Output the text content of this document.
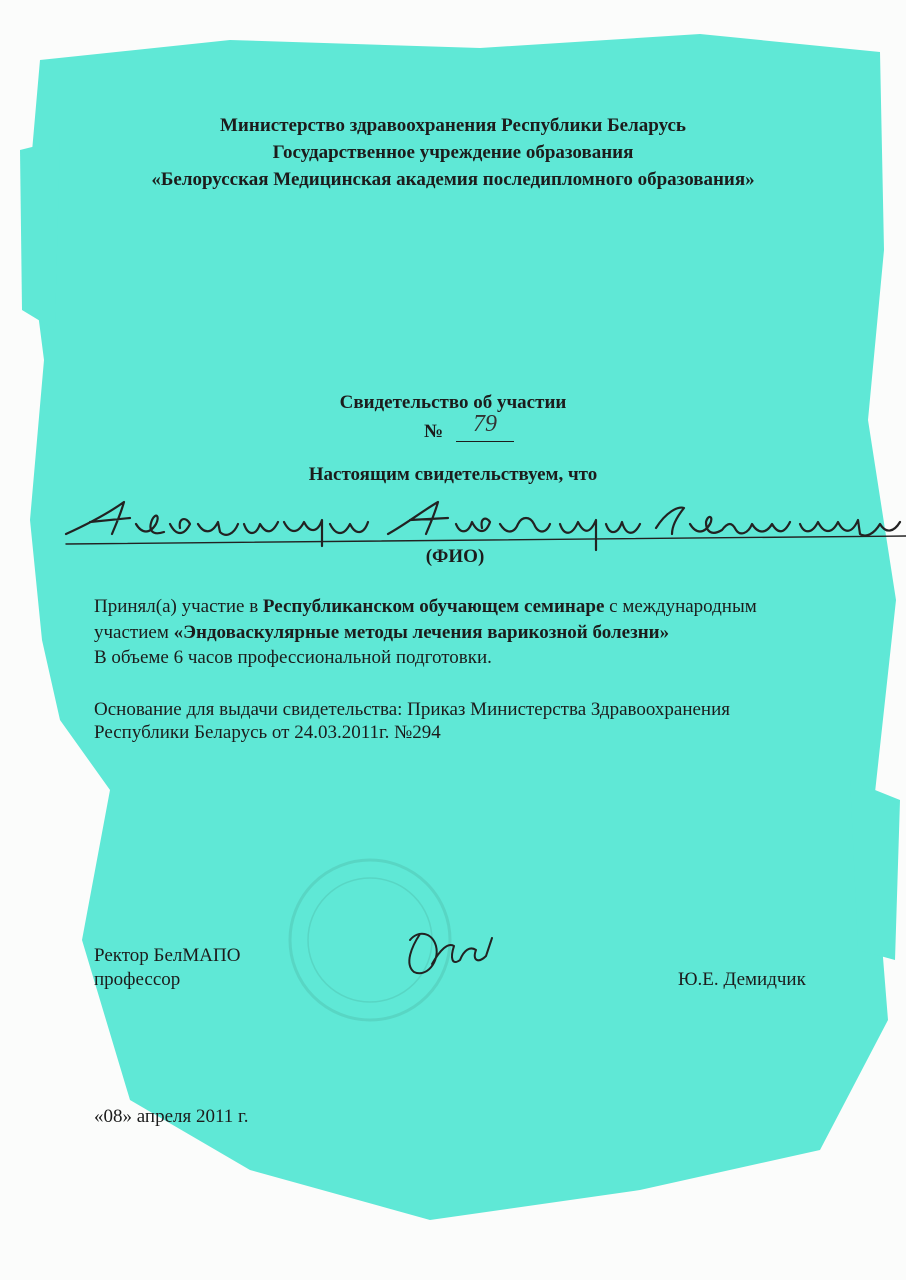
Министерство здравоохранения Республики Беларусь
Государственное учреждение образования
«Белорусская Медицинская академия последипломного образования»
Свидетельство об участии
№	79
Настоящим свидетельствуем, что
(ФИО)
Принял(а) участие в Республиканском обучающем семинаре с международным
участием «Эндоваскулярные методы лечения варикозной болезни»
В объеме 6 часов профессиональной подготовки.
Основание для выдачи свидетельства: Приказ Министерства Здравоохранения
Республики Беларусь от 24.03.2011г. №294
Ректор БелМАПО
профессор	Ю.Е. Демидчик
«08» апреля 2011 г.
